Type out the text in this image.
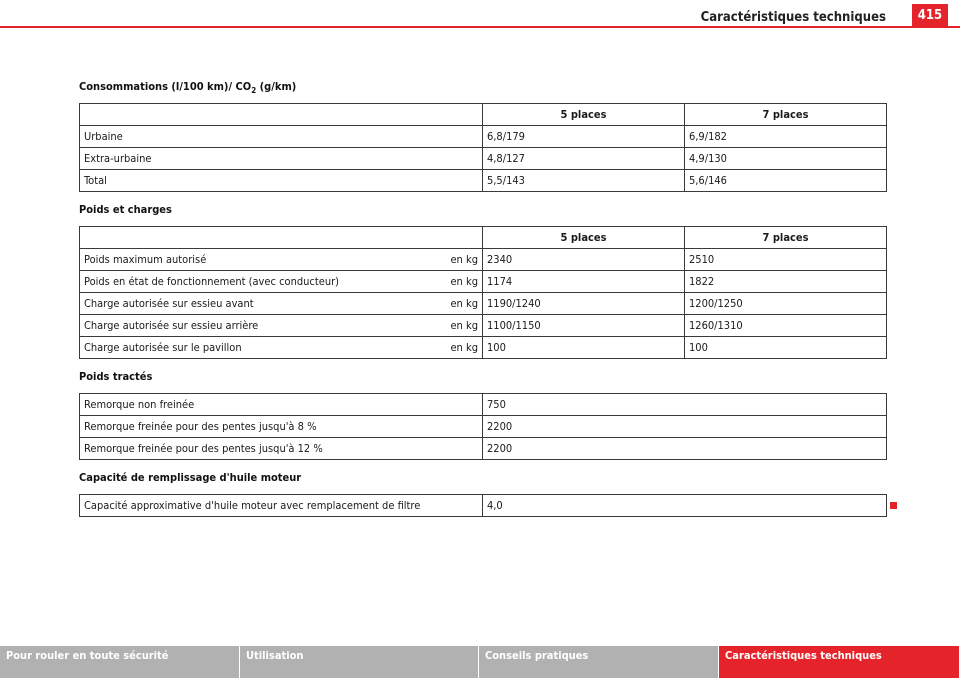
Caractéristiques techniques	415
Consommations (l/100 km)/ $CO_2$ (g/km)
	5 places	7 places
Urbaine	6,8/179	6,9/182
Extra-urbaine	4,8/127	4,9/130
Total	5,5/143	5,6/146
Poids et charges
	5 places	7 places
Poids maximum autorisé en kg	2340	2510
Poids en état de fonctionnement (avec conducteur) en kg	1174	1822
Charge autorisée sur essieu avant en kg	1190/1240	1200/1250
Charge autorisée sur essieu arrière en kg	1100/1150	1260/1310
Charge autorisée sur le pavillon en kg	100	100
Poids tractés
Remorque non freinée	750
Remorque freinée pour des pentes jusqu'à 8 %	2200
Remorque freinée pour des pentes jusqu'à 12 %	2200
Capacité de remplissage d'huile moteur
Capacité approximative d'huile moteur avec remplacement de filtre	4,0
Pour rouler en toute sécurité	Utilisation	Conseils pratiques	Caractéristiques techniques
